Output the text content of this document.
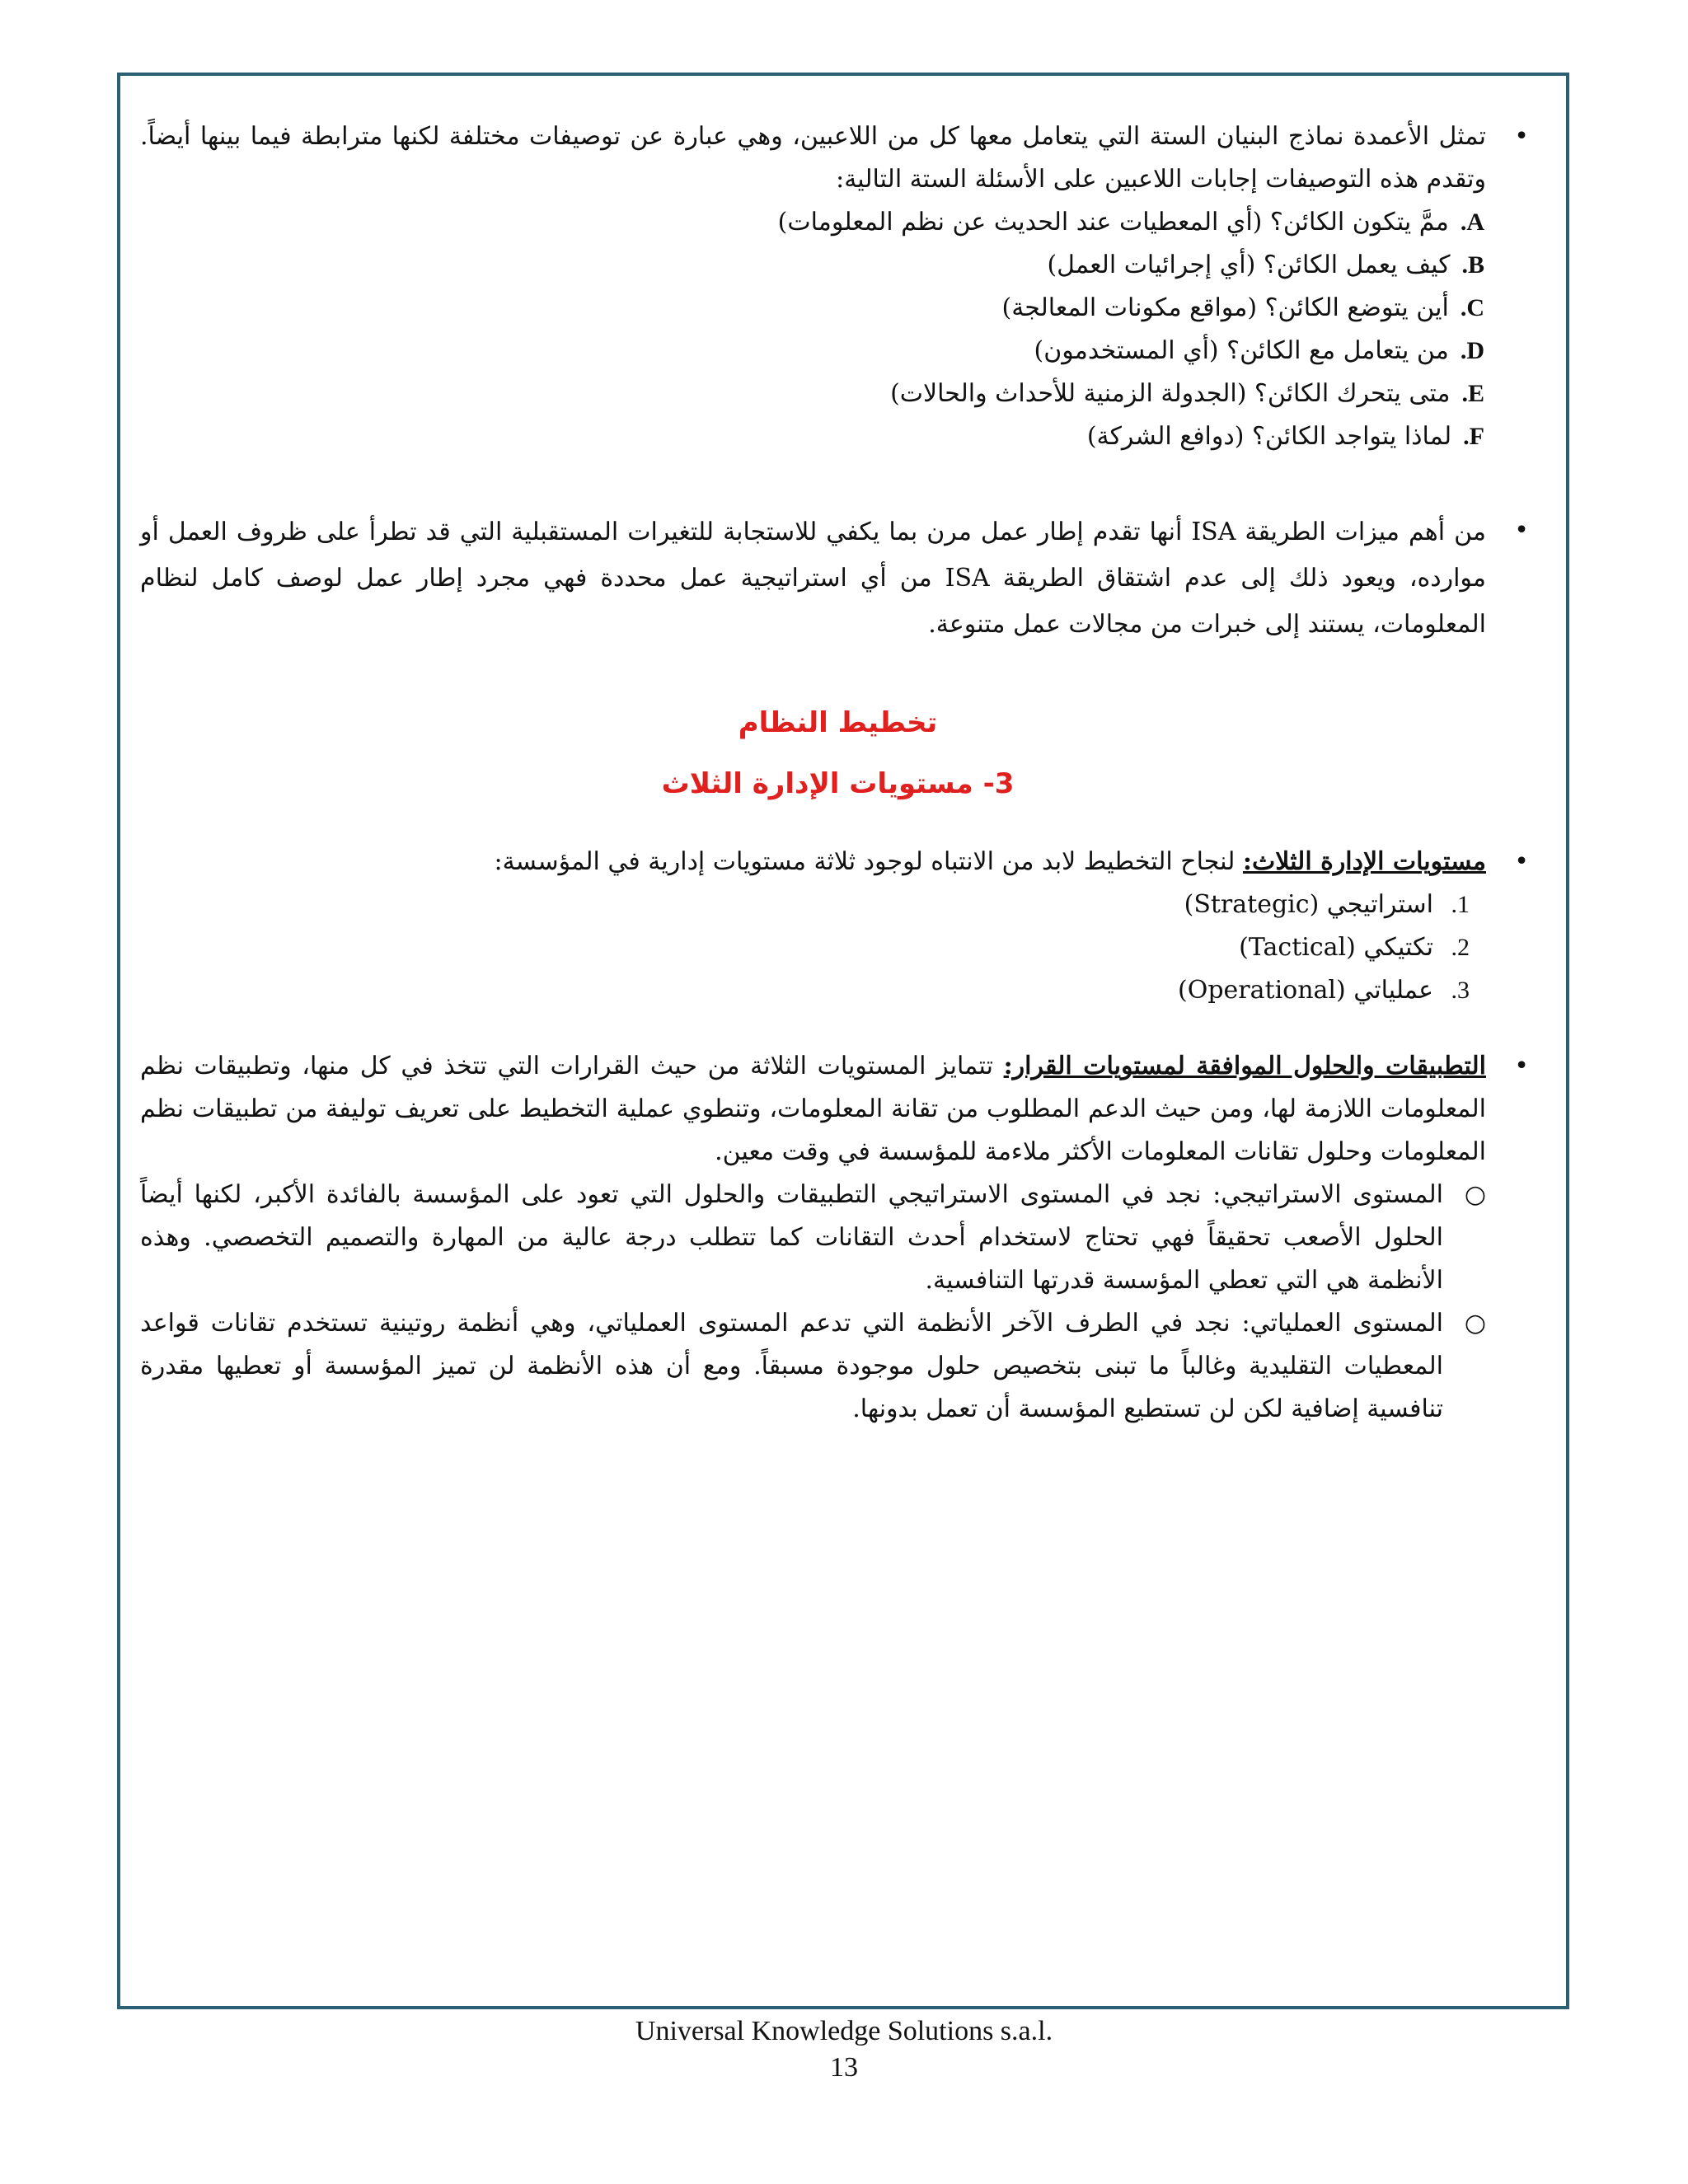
•
تمثل الأعمدة نماذج البنيان الستة التي يتعامل معها كل من اللاعبين، وهي عبارة عن توصيفات مختلفة لكنها مترابطة فيما بينها أيضاً. وتقدم هذه التوصيفات إجابات اللاعبين على الأسئلة الستة التالية:
A.
ممَّ يتكون الكائن؟ (أي المعطيات عند الحديث عن نظم المعلومات)
B.
كيف يعمل الكائن؟ (أي إجرائيات العمل)
C.
أين يتوضع الكائن؟ (مواقع مكونات المعالجة)
D.
من يتعامل مع الكائن؟ (أي المستخدمون)
E.
متى يتحرك الكائن؟ (الجدولة الزمنية للأحداث والحالات)
F.
لماذا يتواجد الكائن؟ (دوافع الشركة)
•
من أهم ميزات الطريقة ISA أنها تقدم إطار عمل مرن بما يكفي للاستجابة للتغيرات المستقبلية التي قد تطرأ على ظروف العمل أو موارده، ويعود ذلك إلى عدم اشتقاق الطريقة ISA من أي استراتيجية عمل محددة فهي مجرد إطار عمل لوصف كامل لنظام المعلومات، يستند إلى خبرات من مجالات عمل متنوعة.
تخطيط النظام
3- مستويات الإدارة الثلاث
•
مستويات الإدارة الثلاث: لنجاح التخطيط لابد من الانتباه لوجود ثلاثة مستويات إدارية في المؤسسة:
1.
استراتيجي (Strategic)
2.
تكتيكي (Tactical)
3.
عملياتي (Operational)
•
التطبيقات والحلول الموافقة لمستويات القرار: تتمايز المستويات الثلاثة من حيث القرارات التي تتخذ في كل منها، وتطبيقات نظم المعلومات اللازمة لها، ومن حيث الدعم المطلوب من تقانة المعلومات، وتنطوي عملية التخطيط على تعريف توليفة من تطبيقات نظم المعلومات وحلول تقانات المعلومات الأكثر ملاءمة للمؤسسة في وقت معين.
○
المستوى الاستراتيجي: نجد في المستوى الاستراتيجي التطبيقات والحلول التي تعود على المؤسسة بالفائدة الأكبر، لكنها أيضاً الحلول الأصعب تحقيقاً فهي تحتاج لاستخدام أحدث التقانات كما تتطلب درجة عالية من المهارة والتصميم التخصصي. وهذه الأنظمة هي التي تعطي المؤسسة قدرتها التنافسية.
○
المستوى العملياتي: نجد في الطرف الآخر الأنظمة التي تدعم المستوى العملياتي، وهي أنظمة روتينية تستخدم تقانات قواعد المعطيات التقليدية وغالباً ما تبنى بتخصيص حلول موجودة مسبقاً. ومع أن هذه الأنظمة لن تميز المؤسسة أو تعطيها مقدرة تنافسية إضافية لكن لن تستطيع المؤسسة أن تعمل بدونها.
Universal Knowledge Solutions s.a.l.
13
